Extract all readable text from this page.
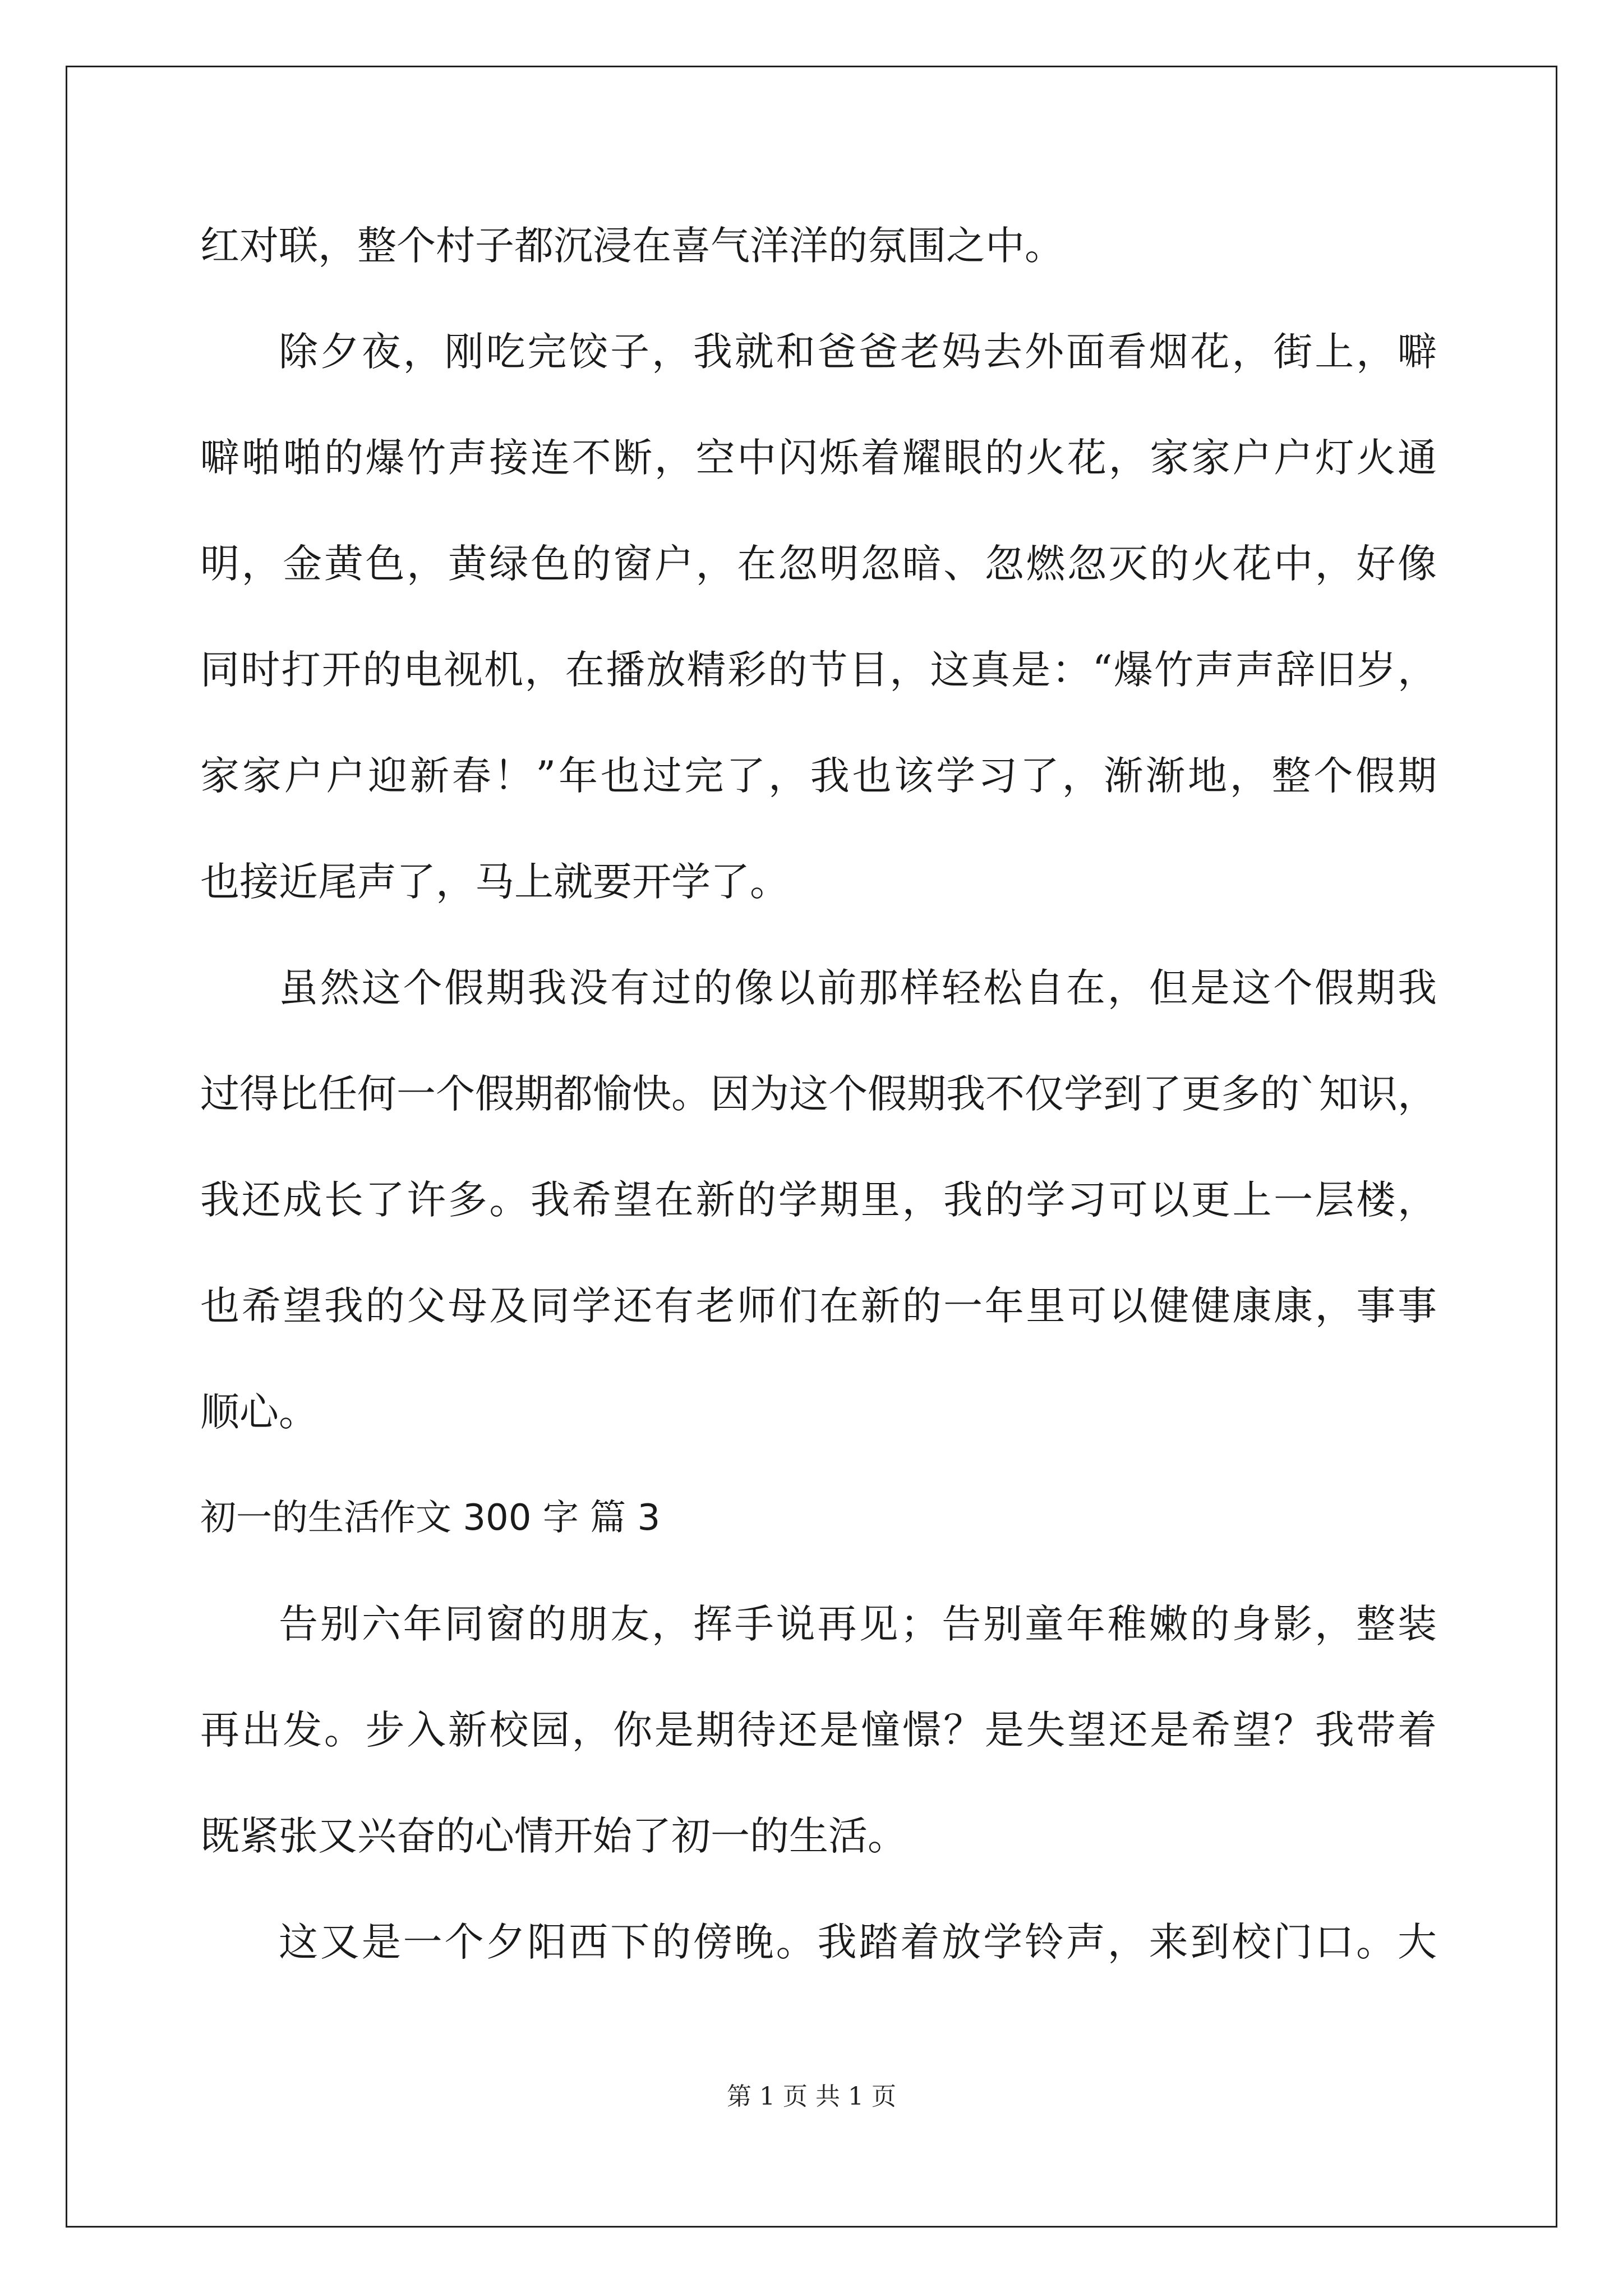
红对联，整个村子都沉浸在喜气洋洋的氛围之中。
除夕夜，刚吃完饺子，我就和爸爸老妈去外面看烟花，街上，噼
噼啪啪的爆竹声接连不断，空中闪烁着耀眼的火花，家家户户灯火通
明，金黄色，黄绿色的窗户，在忽明忽暗、忽燃忽灭的火花中，好像
同时打开的电视机，在播放精彩的节目，这真是：“爆竹声声辞旧岁，
家家户户迎新春！”年也过完了，我也该学习了，渐渐地，整个假期
也接近尾声了，马上就要开学了。
虽然这个假期我没有过的像以前那样轻松自在，但是这个假期我
过得比任何一个假期都愉快。因为这个假期我不仅学到了更多的`知识，
我还成长了许多。我希望在新的学期里，我的学习可以更上一层楼，
也希望我的父母及同学还有老师们在新的一年里可以健健康康，事事
顺心。
初一的生活作文 300 字 篇 3
告别六年同窗的朋友，挥手说再见；告别童年稚嫩的身影，整装
再出发。步入新校园，你是期待还是憧憬？是失望还是希望？我带着
既紧张又兴奋的心情开始了初一的生活。
这又是一个夕阳西下的傍晚。我踏着放学铃声，来到校门口。大
第 1 页 共 1 页
